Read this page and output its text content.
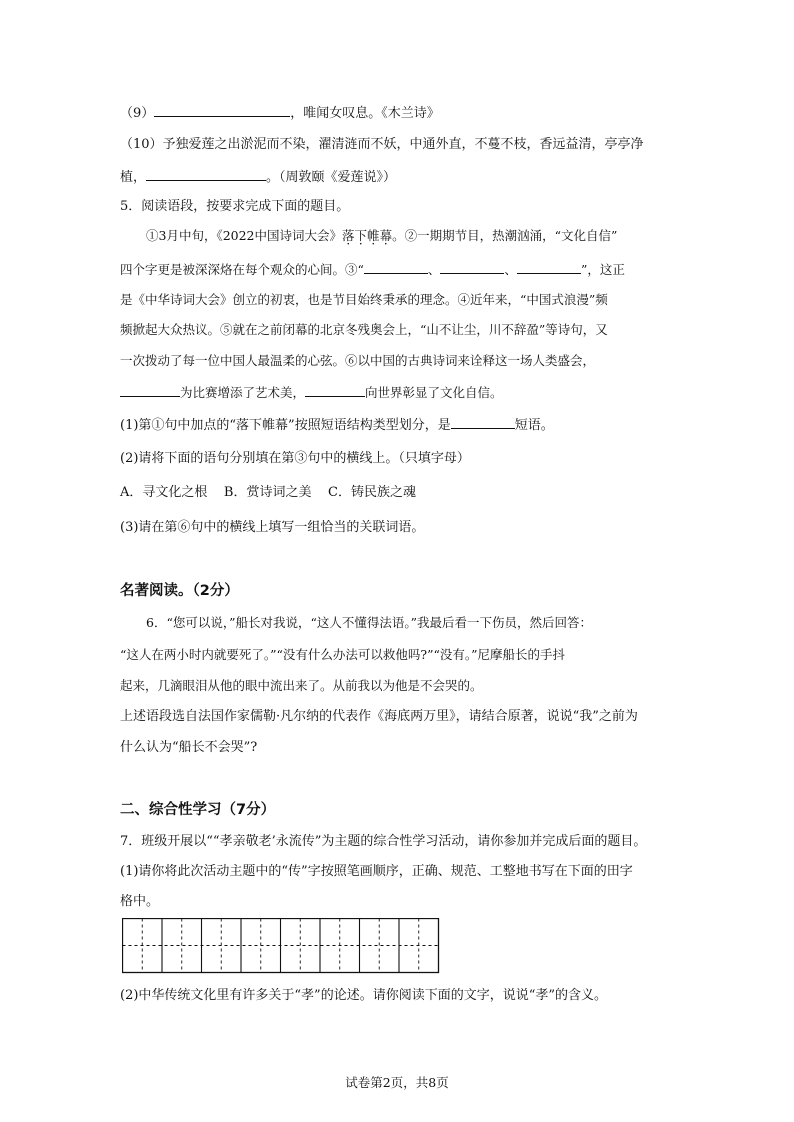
（9）	，唯闻女叹息。《木兰诗》
（10）予独爱莲之出淤泥而不染，濯清涟而不妖，中通外直，不蔓不枝，香远益清，亭亭净
植，	。（周敦颐《爱莲说》）
5．阅读语段，按要求完成下面的题目。
①3月中旬，《2022中国诗词大会》落下帷幕。②一期期节目，热潮汹涌，“文化自信”
四个字更是被深深烙在每个观众的心间。③“	、	、	”，这正
是《中华诗词大会》创立的初衷，也是节目始终秉承的理念。④近年来，“中国式浪漫”频
频掀起大众热议。⑤就在之前闭幕的北京冬残奥会上，“山不让尘，川不辞盈”等诗句，又
一次拨动了每一位中国人最温柔的心弦。⑥以中国的古典诗词来诠释这一场人类盛会，
为比赛增添了艺术美，	向世界彰显了文化自信。
(1)第①句中加点的“落下帷幕”按照短语结构类型划分，是	短语。
(2)请将下面的语句分别填在第③句中的横线上。（只填字母）
A．寻文化之根    B．赏诗词之美    C．铸民族之魂
(3)请在第⑥句中的横线上填写一组恰当的关联词语。
名著阅读。（2分）
6．“您可以说，”船长对我说，“这人不懂得法语。”我最后看一下伤员，然后回答：
“这人在两小时内就要死了。”“没有什么办法可以救他吗?”“没有。”尼摩船长的手抖
起来，几滴眼泪从他的眼中流出来了。从前我以为他是不会哭的。
上述语段选自法国作家儒勒·凡尔纳的代表作《海底两万里》，请结合原著，说说“我”之前为
什么认为“船长不会哭”?
二、综合性学习（7分）
7．班级开展以““孝亲敬老’永流传”为主题的综合性学习活动，请你参加并完成后面的题目。
(1)请你将此次活动主题中的“传”字按照笔画顺序，正确、规范、工整地书写在下面的田字
格中。
(2)中华传统文化里有许多关于“孝”的论述。请你阅读下面的文字，说说“孝”的含义。
试卷第2页，共8页
